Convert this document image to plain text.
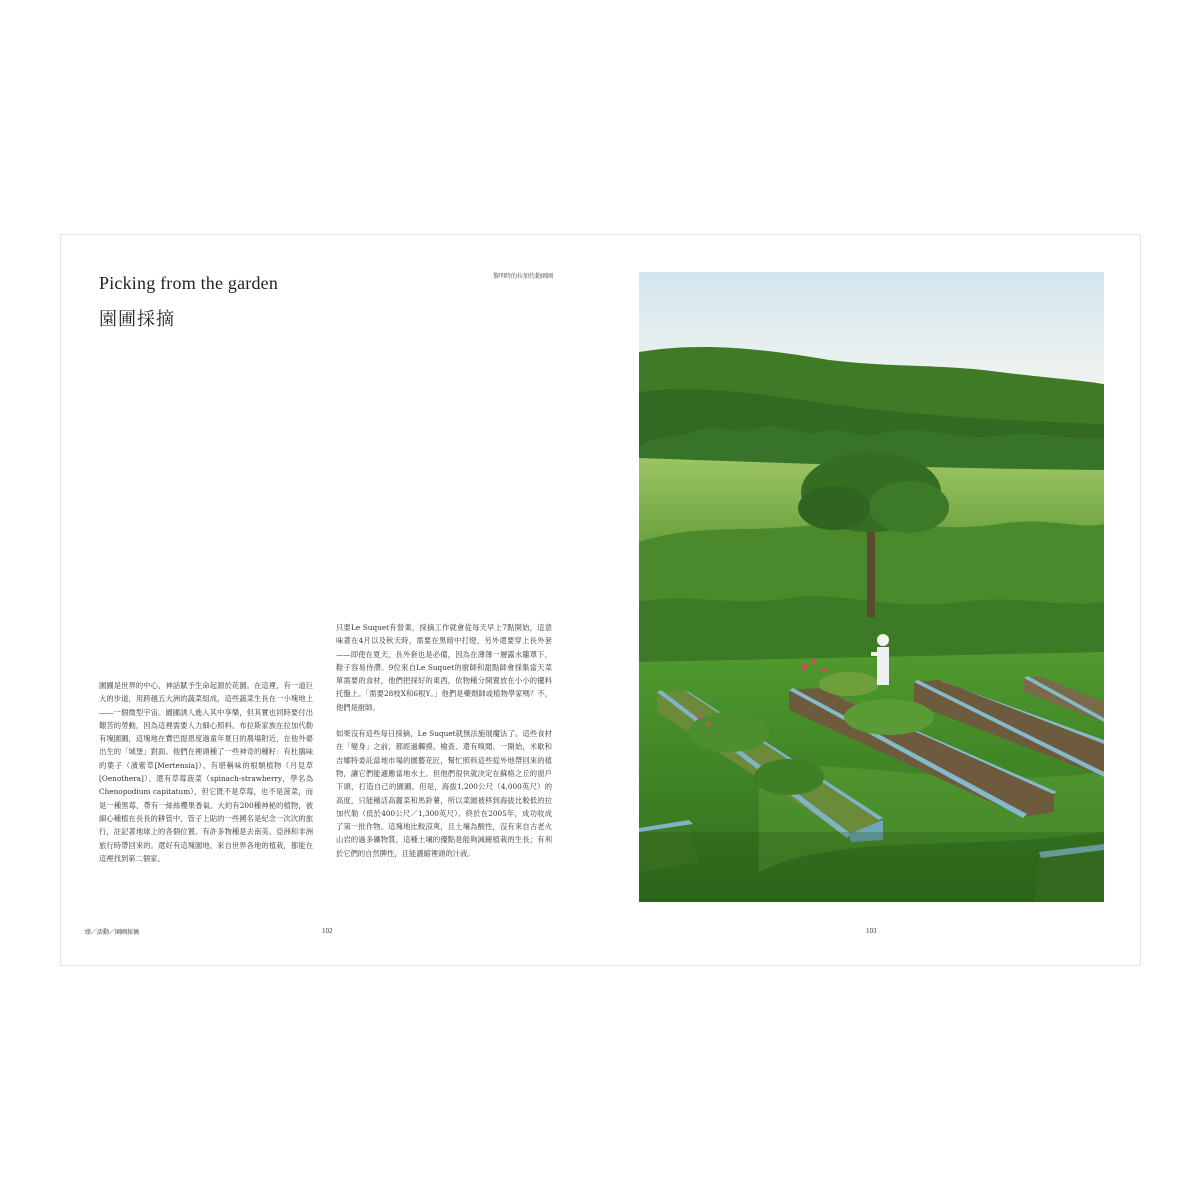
Picking from the garden
園圃採摘
黎明時的拉加代勒園圃

園圃是世界的中心，神話賦予生命起源於花園。在這裡，有一道巨大的步道，用跨越五大洲的蔬菜組成，這些蔬菜生長在一小塊地上——一個微型宇宙。園圃誘人進入其中享樂，但其實也同時要付出艱苦的勞動，因為這裡需要人力細心照料。布拉斯家族在拉加代勒有塊園圃，這塊地在費巴提恩度過童年夏日的農場附近，在他外婆出生的「城堡」對面。他們在裡頭種了一些神奇的種籽：有杜鵑味的葉子（濱紫草[Mertensia]）、有堪稱味的根類植物（月見草[Oenothera]）、還有草莓菠菜（spinach-strawberry，學名為Chenopodium capitatum），但它既不是草莓，也不是菠菜，而是一種黑莓，帶有一絲絲櫻果香氣。大約有200種神秘的植物，被細心種植在長長的耕管中，管子上貼的一些國名是紀念一次次的旅行，註記著地球上的各個位置。有許多物種是去南美、亞洲和非洲旅行時帶回來的。還好有這塊園地，來自世界各地的植栽，都能在這裡找到第二個家。

只要Le Suquet有營業，採摘工作就會從每天早上7點開始，這意味著在4月以及秋天時，需要在黑暗中打燈，另外還要穿上長外套——即使在夏天，長外套也是必備，因為在薄薄一層露水籠罩下，鞋子容易侍滯。9位來自Le Suquet的廚師和甜點師會採集當天菜單需要的食材，他們把採好的東西，依物種分開置放在小小的擺料托盤上。「需要28枝X和6根Y。」他們是藥劑師或植物學家嗎？不，他們是廚師。

如果沒有這些每日採摘，Le Suquet就無法施展魔法了。這些食材在「變身」之前，都經過觸摸、檢查、還有嗅聞。一開始，米歇和吉娜特委託當地市場的園藝花匠，幫忙照料這些從外地帶回來的植物，讓它們能適應當地水土。但他們很快就決定在蘇格之丘的窗戶下頭，打造自己的園圃。但是，海拔1,200公尺（4,000英尺）的高度，只能種活高麗菜和馬鈴薯，所以菜園被移到海拔比較低的拉加代勒（低於400公尺／1,300英尺）。終於在2005年，成功收成了第一批作物。這塊地比較涼爽，且土壤為酸性，沒有來自古老火山岩的過多礦物質，這種土壤的優點是能夠減緩植栽的生長；有利於它們的自然脾性，且能濃縮裡頭的汁液。

肆／活動／園圃採摘	102	103
